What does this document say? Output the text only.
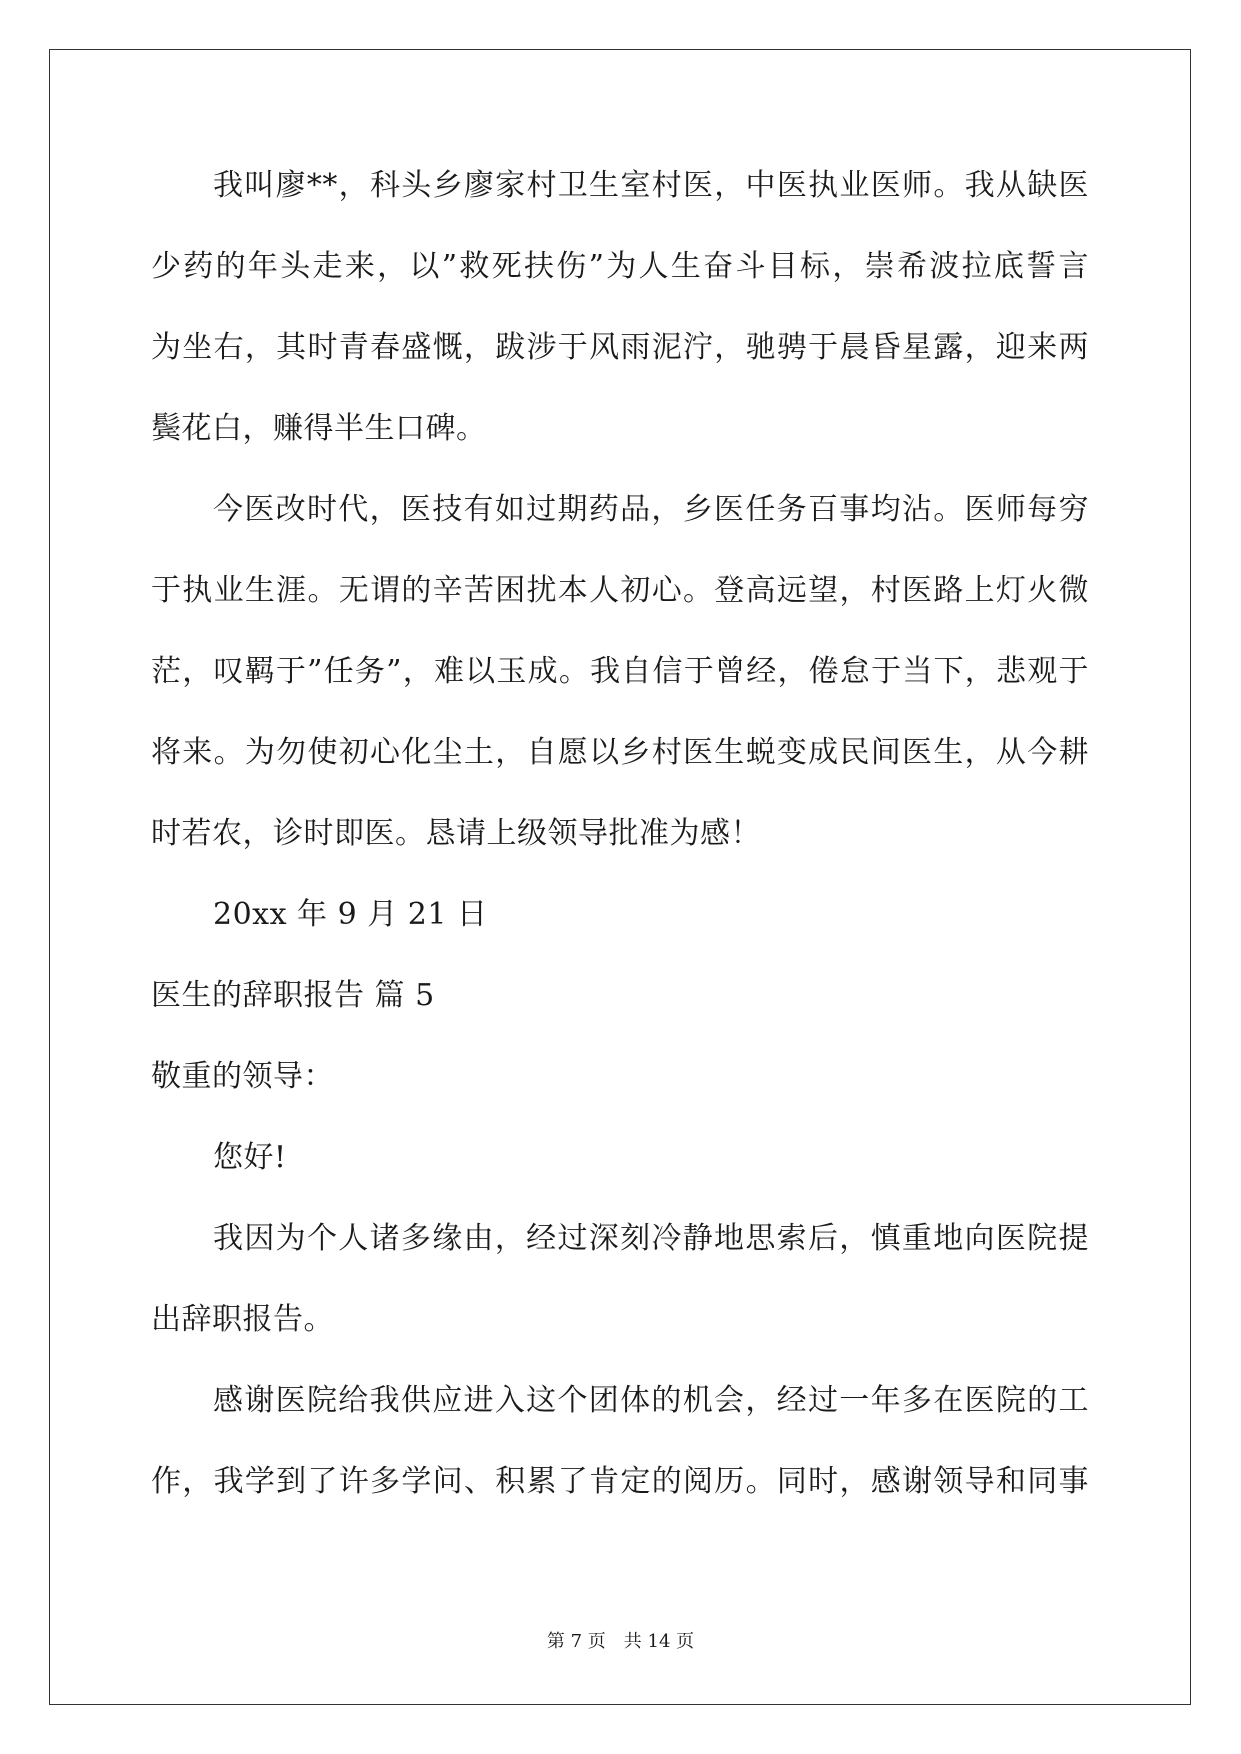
我叫廖**，科头乡廖家村卫生室村医，中医执业医师。我从缺医
少药的年头走来，以”救死扶伤”为人生奋斗目标，崇希波拉底誓言
为坐右，其时青春盛慨，跋涉于风雨泥泞，驰骋于晨昏星露，迎来两
鬓花白，赚得半生口碑。
今医改时代，医技有如过期药品，乡医任务百事均沾。医师每穷
于执业生涯。无谓的辛苦困扰本人初心。登高远望，村医路上灯火微
茫，叹羁于”任务”，难以玉成。我自信于曾经，倦怠于当下，悲观于
将来。为勿使初心化尘土，自愿以乡村医生蜕变成民间医生，从今耕
时若农，诊时即医。恳请上级领导批准为感！
20xx 年 9 月 21 日
医生的辞职报告 篇 5
敬重的领导：
您好!
我因为个人诸多缘由，经过深刻冷静地思索后，慎重地向医院提
出辞职报告。
感谢医院给我供应进入这个团体的机会，经过一年多在医院的工
作，我学到了许多学问、积累了肯定的阅历。同时，感谢领导和同事
第 7 页 共 14 页
